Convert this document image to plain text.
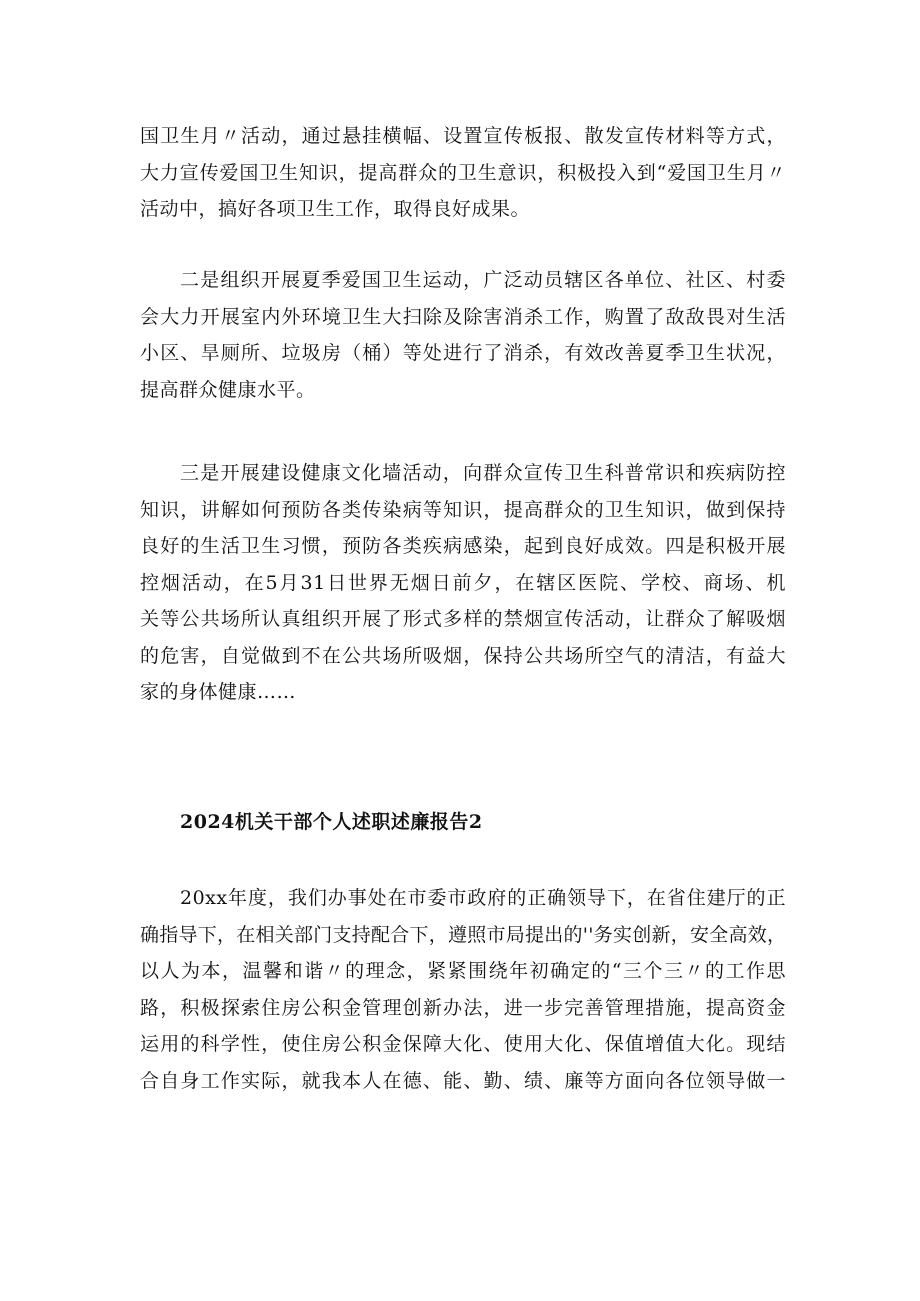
国卫生月〃活动，通过悬挂横幅、设置宣传板报、散发宣传材料等方式，
大力宣传爱国卫生知识，提高群众的卫生意识，积极投入到“爱国卫生月〃
活动中，搞好各项卫生工作，取得良好成果。

二是组织开展夏季爱国卫生运动，广泛动员辖区各单位、社区、村委
会大力开展室内外环境卫生大扫除及除害消杀工作，购置了敌敌畏对生活
小区、旱厕所、垃圾房（桶）等处进行了消杀，有效改善夏季卫生状况，
提高群众健康水平。

三是开展建设健康文化墙活动，向群众宣传卫生科普常识和疾病防控
知识，讲解如何预防各类传染病等知识，提高群众的卫生知识，做到保持
良好的生活卫生习惯，预防各类疾病感染，起到良好成效。四是积极开展
控烟活动，在5月31日世界无烟日前夕，在辖区医院、学校、商场、机
关等公共场所认真组织开展了形式多样的禁烟宣传活动，让群众了解吸烟
的危害，自觉做到不在公共场所吸烟，保持公共场所空气的清洁，有益大
家的身体健康……

2024机关干部个人述职述廉报告2

20xx年度，我们办事处在市委市政府的正确领导下，在省住建厅的正
确指导下，在相关部门支持配合下，遵照市局提出的''务实创新，安全高效，
以人为本，温馨和谐〃的理念，紧紧围绕年初确定的“三个三〃的工作思
路，积极探索住房公积金管理创新办法，进一步完善管理措施，提高资金
运用的科学性，使住房公积金保障大化、使用大化、保值增值大化。现结
合自身工作实际，就我本人在德、能、勤、绩、廉等方面向各位领导做一
